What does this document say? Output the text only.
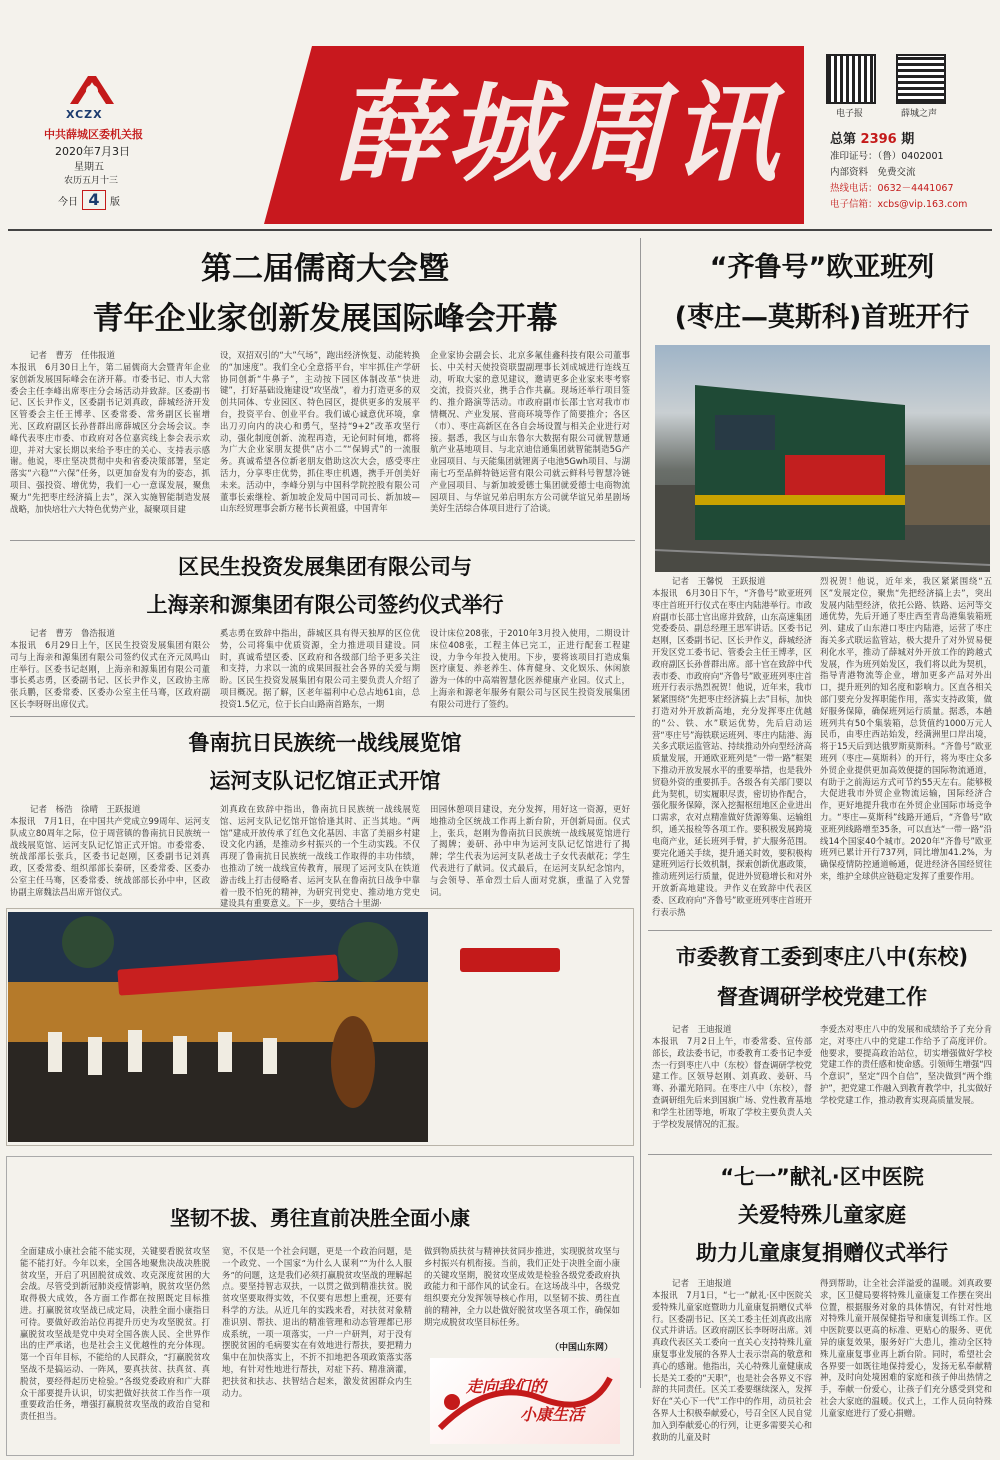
XCZX
中共薛城区委机关报
2020年7月3日
星期五
农历五月十三
今日 4	版
薛城周讯	电子报	薛城之声
总第 2396 期
准印证号：（鲁）0402001
内部资料　免费交流
热线电话：0632－4441067
电子信箱：xcbs@vip.163.com
第二届儒商大会暨
青年企业家创新发展国际峰会开幕
记者　曹芳　任伟报道
本报讯　6月30日上午，第二届儒商大会暨青年企业家创新发展国际峰会在济开幕。市委书记、市人大常委会主任李峰出席枣庄分会场活动并致辞。区委副书记、区长尹作义，区委副书记刘真政，薛城经济开发区管委会主任王博孝、区委常委、常务副区长崔增光、区政府副区长孙普群出席薛城区分会场会议。李峰代表枣庄市委、市政府对各位嘉宾线上参会表示欢迎，并对大家长期以来给予枣庄的关心、支持表示感谢。他说，枣庄坚决贯彻中央和省委决策部署，坚定落实“六稳”“六保”任务，以更加奋发有为的姿态，抓项目、强投资、增优势，我们一心一意谋发展，聚焦聚力“先把枣庄经济搞上去”，深入实施智能制造发展战略，加快培壮六大特色优势产业，凝聚项目建
设，双招双引的“大”气场”，跑出经济恢复、动能转换的“加速度”。我们全心全意搭平台，牢牢抓住产学研协同创新“牛鼻子”，主动按下园区体制改革“快进键”，打好基础设施建设“攻坚战”，着力打造更多的双创共同体、专业园区、特色园区，提供更多的发展平台，投资平台、创业平台。我们诚心诚意优环境，拿出刀刃向内的决心和勇气，坚持“9+2”改革攻坚行动，强化制度创新、流程再造，无论何时何地，都将为广大企业家朋友提供“店小二”“保姆式”的一流服务。真诚希望各位新老朋友借助这次大会，感受枣庄活力，分享枣庄优势，抓住枣庄机遇，携手开创美好未来。活动中，李峰分别与中国科学院控股有限公司董事长索继栓、新加坡企发局中国司司长、新加坡—山东经贸理事会新方秘书长黄祖盛，中国青年
企业家协会副会长、北京多氟佳鑫科技有限公司董事长、中关村天使投资联盟副理事长刘成城进行连线互动，听取大家的意见建议，邀请更多企业家来枣考察交流，投资兴业，携手合作共赢。现场还举行项目签约、推介路演等活动。市政府副市长邵士官对我市市情概况、产业发展、营商环境等作了简要推介；各区（市）、枣庄高新区在各自会场设置与相关企业进行对接。据悉，我区与山东鲁尔大数据有限公司就智慧通航产业基地项目、与北京迪信通集团就智能制造5G产业园项目、与天能集团就锂离子电池5Gwh项目、与湖南七巧至品鲜特链运营有限公司就云鲜科号智慧冷链产业园项目、与新加坡爱德士集团就爱德士电商物流园项目、与华谊兄弟启明东方公司就华谊兄弟星剧场美好生活综合体项目进行了洽谈。
“齐鲁号”欧亚班列
(枣庄—莫斯科)首班开行
记者　王馨悦　王跃报道
本报讯　6月30日下午，“齐鲁号”欧亚班列枣庄首班开行仪式在枣庄内陆港举行。市政府副市长邵士官出席并致辞，山东高速集团党委委员、副总经理王思军讲话。区委书记赵刚，区委副书记、区长尹作义，薛城经济开发区党工委书记、管委会主任王博孝，区政府副区长孙普群出席。部十官在致辞中代表市委、市政府向“齐鲁号”欧亚班列枣庄首班开行表示热烈祝贺！他说，近年来，我市紧紧围绕“先把枣庄经济搞上去”目标，加快打造对外开放新高地，充分发挥枣庄优越的“公、铁、水”联运优势，先后启动运营“枣庄号”海铁联运班列、枣庄内陆港、海关多式联运监管站、持续推动外向型经济高质量发展，开通欧亚班列是“一带一路”框架下推动开放发展水平的重要举措，也是我外贸稳外资的重要抓手。各级各有关部门要以此为契机，切实履职尽责，密切协作配合，强化服务保障，深入挖掘枢纽地区企业进出口需求，农对点精准做好货源筹集、运输组织，通关报检等各项工作。要积极发展跨境电商产业，延长班列手臂，扩大服务范围。要完化通关手续，提升通关时效，要积极构建班列运行长效机制，探索创新优惠政策，推动班列运行质量，促进外贸稳增长和对外开放新高地建设。尹作义在致辞中代表区委、区政府向“齐鲁号”欧亚班列枣庄首班开行表示热
烈祝贺！他说，近年来，我区紧紧围绕“五区”发展定位，聚焦“先把经济搞上去”，突出发展内陆型经济，依托公路、铁路、运河等交通优势，先后开通了枣庄西至青岛港集装箱班列、建成了山东港口枣庄内陆港，运营了枣庄海关多式联运监管站，极大提升了对外贸易便利化水平，推动了薛城对外开放工作的跨越式发展，作为班列始发区，我们将以此为契机，指导青港物流等企业，增加更多产品对外出口，提升班列的知名度和影响力。区直各相关部门要充分发挥职能作用，落实支持政策，做好服务保障，确保班列运行质量。据悉，本趟班列共有50个集装箱，总货值约1000万元人民币，由枣庄西站始发，经满洲里口岸出境，将于15天后到达俄罗斯莫斯科。“齐鲁号”欧亚班列（枣庄—莫斯科）的开行，将为枣庄众多外贸企业提供更加高效便捷的国际物流通道，有助于之前海运方式可节约55天左右。能够极大促进我市外贸企业物流运输，国际经济合作，更好地提升我市在外贸企业国际市场竞争力。“枣庄—莫斯科”线路开通后，“齐鲁号”欧亚班列线路增至35条，可以直达“一带一路”沿线14个国家40个城市。2020年“齐鲁号”欧亚班列已累计开行737列，同比增加41.2%，为确保疫情防控通道畅通，促进经济各国经贸往来，维护全球供应链稳定发挥了重要作用。
区民生投资发展集团有限公司与
上海亲和源集团有限公司签约仪式举行
记者　曹芳　鲁浩报道
本报讯　6月29日上午，区民生投资发展集团有限公司与上海亲和源集团有限公司签约仪式在齐元凤鸣山庄举行。区委书记赵刚，上海亲和源集团有限公司董事长奚志勇，区委副书记、区长尹作义，区政协主席张兵鹏，区委常委、区委办公室主任马骞，区政府副区长李呀呀出席仪式。
奚志勇在致辞中指出，薛城区具有得天独厚的区位优势，公司将集中优质资源，全力推进项目建设。同时，真诚希望区委、区政府和各级部门给予更多关注和支持，力求以一流的成果回报社会各界的关爱与期盼。区民生投资发展集团有限公司主要负责人介绍了项目概况。据了解，区老年福利中心总占地61亩，总投资1.5亿元，位于长白山路南首路东，一期
设计床位208张，于2010年3月投入使用，二期设计床位408张，工程主体已完工，正进行配套工程建设，力争今年投入使用。下步，要将该项目打造成集医疗康复、养老养生、体育健身、文化娱乐、休闲旅游为一体的中高端智慧化医养健康产业园。仪式上，上海亲和源老年服务有限公司与区民生投资发展集团有限公司进行了签约。
鲁南抗日民族统一战线展览馆
运河支队记忆馆正式开馆
记者　杨浩　徐晴　王跃报道
本报讯　7月1日，在中国共产党成立99周年、运河支队成立80周年之际，位于周营镇的鲁南抗日民族统一战线展览馆、运河支队记忆馆正式开馆。市委常委、统战部部长张兵，区委书记赵刚，区委副书记刘真政，区委常委、组织部部长秦研，区委常委、区委办公室主任马骞，区委常委、统战部部长孙中申，区政协副主席魏法昌出席开馆仪式。
刘真政在致辞中指出，鲁南抗日民族统一战线展览馆、运河支队记忆馆开馆恰逢其时、正当其地。“两馆”建成开放传承了红色文化基因、丰富了美丽乡村建设文化内涵，是推动乡村振兴的一个生动实践。不仅再现了鲁南抗日民族统一战线工作取得的丰功伟绩，也推动了统一战线宣传教育，展现了运河支队在铁道游击线上打击侵略者、运河支队在鲁南抗日战争中靠着一股不怕死的精神，为研究刊党史、推动地方党史建设具有重要意义。下一步，要结合十里湖·
田园休憩项目建设，充分发挥，用好这一资源，更好地推动全区统战工作再上新台阶，开创新局面。仪式上，张兵，赵刚为鲁南抗日民族统一战线展览馆进行了揭牌；姜研、孙中申为运河支队记忆馆进行了揭牌；学生代表为运河支队老战士子女代表献花；学生代表进行了献词。仪式最后，在运河支队纪念馆内，与会领导、革命烈士后人面对党旗，重温了入党誓词。
市委教育工委到枣庄八中(东校)
督查调研学校党建工作
记者　王迪报道
本报讯　7月2日上午，市委常委、宣传部部长，政法委书记，市委教育工委书记李爱杰一行到枣庄八中（东校）督查调研学校党建工作。区领导赵刚、刘真政、姜研、马骞、孙灌光陪同。在枣庄八中（东校），督查调研组先后来到国旗广场、党性教育基地和学生社团等地，听取了学校主要负责人关于学校发展情况的汇报。
李爱杰对枣庄八中的发展和成绩给予了充分肯定，对枣庄八中的党建工作给予了高度评价。他要求，要提高政治站位，切实增强做好学校党建工作的责任感和使命感。引领师生增强“四个意识”，坚定“四个自信”，坚决做到“两个维护”，把党建工作融入到教育教学中，扎实做好学校党建工作，推动教育实现高质量发展。
“七一”献礼·区中医院
关爱特殊儿童家庭
助力儿童康复捐赠仪式举行
记者　王迪报道
本报讯　7月1日，“七一”献礼·区中医院关爱特殊儿童家庭暨助力儿童康复捐赠仪式举行。区委副书记、区关工委主任刘真政出席仪式并讲话。区政府副区长李呀呀出席。刘真政代表区关工委向一直关心支持特殊儿童康复事业发展的各界人士表示崇高的敬意和真心的感谢。他指出，关心特殊儿童健康成长是关工委的“天职”，也是社会各界义不容辞的共同责任。区关工委要继续深入，发挥好在“关心下一代”工作中的作用，动员社会各界人士积极奉献爱心，号召全区人民自觉加入到奉献爱心的行列，让更多需要关心和救助的儿童及时
得到帮助，让全社会洋溢爱的温暖。刘真政要求，区卫健局要将特殊儿童康复工作摆在突出位置，根据服务对象的具体情况，有针对性地对特殊儿童开展保健指导和康复训练工作。区中医院要以更高的标准、更贴心的服务、更优异的康复效果，服务好广大患儿，推动全区特殊儿童康复事业再上新台阶。同时，希望社会各界要一如既往地保持爱心，发扬无私奉献精神，及时向处境困难的家庭和孩子伸出热情之手，奉献一份爱心，让孩子们充分感受到党和社会大家庭的温暖。仪式上，工作人员向特殊儿童家庭进行了爱心捐赠。
坚韧不拔、勇往直前决胜全面小康
全面建成小康社会能不能实现，关键要看脱贫攻坚能不能打好。今年以来，全国各地聚焦决战决胜脱贫攻坚，开启了巩固脱贫成效、攻克深度贫困的大会战。尽管受到新冠肺炎疫情影响，脱贫攻坚仍然取得极大成效，各方面工作都在按照既定目标推进。打赢脱贫攻坚战已成定局，决胜全面小康指日可待。要做好政治站位再提升历史为攻坚脱贫。打赢脱贫攻坚战是党中央对全国各族人民、全世界作出的庄严承诺，也是社会主义优越性的充分体现。第一个百年目标，不能给的人民群众，“打赢脱贫攻坚战不是搞运动、一阵风，要真扶贫、扶真贫、真脱贫，要经得起历史检验。”各级党委政府和广大群众干部要提升认识，切实把做好扶贫工作当作一项重要政治任务，增强打赢脱贫攻坚战的政治自觉和责任担当。
宽，不仅是一个社会问题，更是一个政治问题，是一个政党、一个国家“为什么人谋利”“为什么人服务”的问题，这是我们必须打赢脱贫攻坚战的理解起点。要坚持智志双扶，一以贯之做到精准扶贫。脱贫攻坚要取得实效，不仅要有思想上重视，还要有科学的方法。从近几年的实践来看，对扶贫对象精准识别、帮扶、退出的精准管理和动态管理都已形成系统，一项一项落实，一户一户研判，对于没有摆脱贫困的毛病要实在有效地进行帮扶，要把精力集中在加快落实上，不折不扣地把各项政策落实落地，有针对性地进行帮扶，对症下药、精准滴灌，把扶贫和扶志、扶智结合起来，激发贫困群众内生动力。
做到物质扶贫与精神扶贫同步推进，实现脱贫攻坚与乡村振兴有机衔接。当前，我们正处于决胜全面小康的关键攻坚期，脱贫攻坚成效是检验各级党委政府执政能力和干部作风的试金石。在这场战斗中，各级党组织要充分发挥领导核心作用，以坚韧不拔、勇往直前的精神，全力以赴做好脱贫攻坚各项工作，确保如期完成脱贫攻坚目标任务。
（中国山东网）
走向我们的
小康生活
